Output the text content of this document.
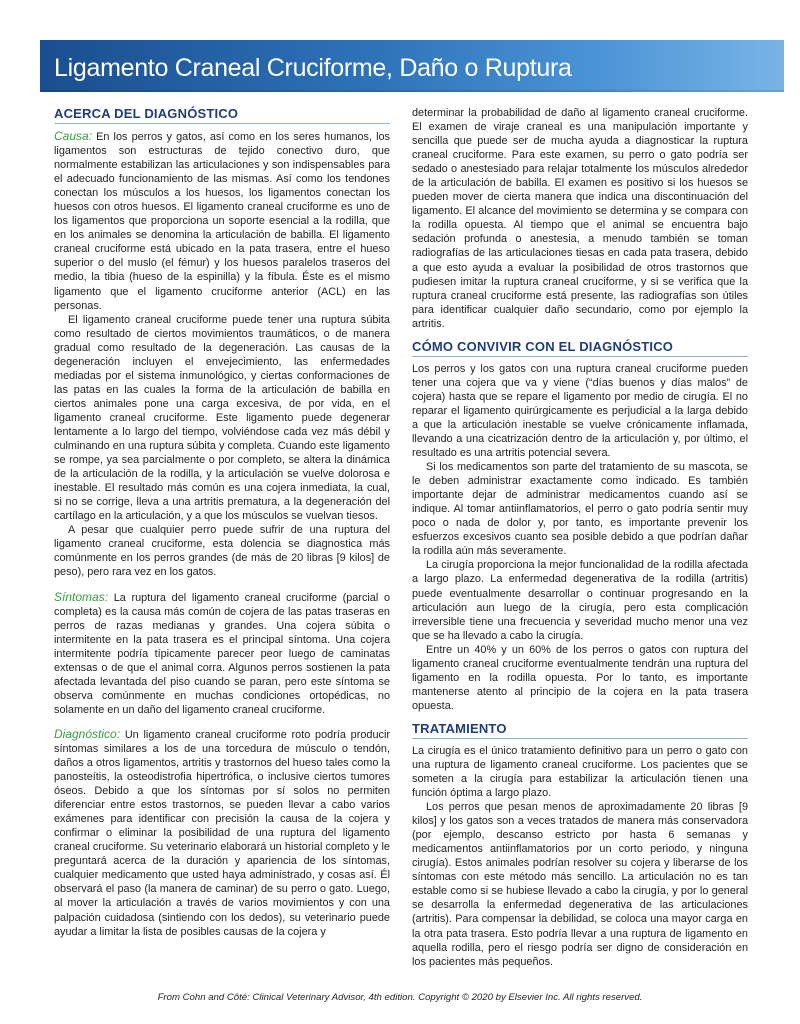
Ligamento Craneal Cruciforme, Daño o Ruptura
ACERCA DEL DIAGNÓSTICO

Causa: En los perros y gatos, así como en los seres humanos, los ligamentos son estructuras de tejido conectivo duro, que normalmente estabilizan las articulaciones y son indispensables para el adecuado funcionamiento de las mismas. Así como los tendones conectan los músculos a los huesos, los ligamentos conectan los huesos con otros huesos. El ligamento craneal cruciforme es uno de los ligamentos que proporciona un soporte esencial a la rodilla, que en los animales se denomina la articulación de babilla. El ligamento craneal cruciforme está ubicado en la pata trasera, entre el hueso superior o del muslo (el fémur) y los huesos paralelos traseros del medio, la tibia (hueso de la espinilla) y la fíbula. Éste es el mismo ligamento que el ligamento cruciforme anterior (ACL) en las personas.

El ligamento craneal cruciforme puede tener una ruptura súbita como resultado de ciertos movimientos traumáticos, o de manera gradual como resultado de la degeneración. Las causas de la degeneración incluyen el envejecimiento, las enfermedades mediadas por el sistema inmunológico, y ciertas conformaciones de las patas en las cuales la forma de la articulación de babilla en ciertos animales pone una carga excesiva, de por vida, en el ligamento craneal cruciforme. Este ligamento puede degenerar lentamente a lo largo del tiempo, volviéndose cada vez más débil y culminando en una ruptura súbita y completa. Cuando este ligamento se rompe, ya sea parcialmente o por completo, se altera la dinámica de la articulación de la rodilla, y la articulación se vuelve dolorosa e inestable. El resultado más común es una cojera inmediata, la cual, si no se corrige, lleva a una artritis prematura, a la degeneración del cartílago en la articulación, y a que los músculos se vuelvan tiesos.

A pesar que cualquier perro puede sufrir de una ruptura del ligamento craneal cruciforme, esta dolencia se diagnostica más comúnmente en los perros grandes (de más de 20 libras [9 kilos] de peso), pero rara vez en los gatos.

Síntomas: La ruptura del ligamento craneal cruciforme (parcial o completa) es la causa más común de cojera de las patas traseras en perros de razas medianas y grandes. Una cojera súbita o intermitente en la pata trasera es el principal síntoma. Una cojera intermitente podría típicamente parecer peor luego de caminatas extensas o de que el animal corra. Algunos perros sostienen la pata afectada levantada del piso cuando se paran, pero este síntoma se observa comúnmente en muchas condiciones ortopédicas, no solamente en un daño del ligamento craneal cruciforme.

Diagnóstico: Un ligamento craneal cruciforme roto podría producir síntomas similares a los de una torcedura de músculo o tendón, daños a otros ligamentos, artritis y trastornos del hueso tales como la panosteítis, la osteodistrofia hipertrófica, o inclusive ciertos tumores óseos. Debido a que los síntomas por sí solos no permiten diferenciar entre estos trastornos, se pueden llevar a cabo varios exámenes para identificar con precisión la causa de la cojera y confirmar o eliminar la posibilidad de una ruptura del ligamento craneal cruciforme. Su veterinario elaborará un historial completo y le preguntará acerca de la duración y apariencia de los síntomas, cualquier medicamento que usted haya administrado, y cosas así. Él observará el paso (la manera de caminar) de su perro o gato. Luego, al mover la articulación a través de varios movimientos y con una palpación cuidadosa (sintiendo con los dedos), su veterinario puede ayudar a limitar la lista de posibles causas de la cojera y

determinar la probabilidad de daño al ligamento craneal cruciforme. El examen de viraje craneal es una manipulación importante y sencilla que puede ser de mucha ayuda a diagnosticar la ruptura craneal cruciforme. Para este examen, su perro o gato podría ser sedado o anestesiado para relajar totalmente los músculos alrededor de la articulación de babilla. El examen es positivo si los huesos se pueden mover de cierta manera que indica una discontinuación del ligamento. El alcance del movimiento se determina y se compara con la rodilla opuesta. Al tiempo que el animal se encuentra bajo sedación profunda o anestesia, a menudo también se toman radiografías de las articulaciones tiesas en cada pata trasera, debido a que esto ayuda a evaluar la posibilidad de otros trastornos que pudiesen imitar la ruptura craneal cruciforme, y si se verifica que la ruptura craneal cruciforme está presente, las radiografías son útiles para identificar cualquier daño secundario, como por ejemplo la artritis.

CÓMO CONVIVIR CON EL DIAGNÓSTICO

Los perros y los gatos con una ruptura craneal cruciforme pueden tener una cojera que va y viene (“días buenos y días malos” de cojera) hasta que se repare el ligamento por medio de cirugía. El no reparar el ligamento quirúrgicamente es perjudicial a la larga debido a que la articulación inestable se vuelve crónicamente inflamada, llevando a una cicatrización dentro de la articulación y, por último, el resultado es una artritis potencial severa.

Si los medicamentos son parte del tratamiento de su mascota, se le deben administrar exactamente como indicado. Es también importante dejar de administrar medicamentos cuando así se indique. Al tomar antiinflamatorios, el perro o gato podría sentir muy poco o nada de dolor y, por tanto, es importante prevenir los esfuerzos excesivos cuanto sea posible debido a que podrían dañar la rodilla aún más severamente.

La cirugía proporciona la mejor funcionalidad de la rodilla afectada a largo plazo. La enfermedad degenerativa de la rodilla (artritis) puede eventualmente desarrollar o continuar progresando en la articulación aun luego de la cirugía, pero esta complicación irreversible tiene una frecuencia y severidad mucho menor una vez que se ha llevado a cabo la cirugía.

Entre un 40% y un 60% de los perros o gatos con ruptura del ligamento craneal cruciforme eventualmente tendrán una ruptura del ligamento en la rodilla opuesta. Por lo tanto, es importante mantenerse atento al principio de la cojera en la pata trasera opuesta.

TRATAMIENTO

La cirugía es el único tratamiento definitivo para un perro o gato con una ruptura de ligamento craneal cruciforme. Los pacientes que se someten a la cirugía para estabilizar la articulación tienen una función óptima a largo plazo.

Los perros que pesan menos de aproximadamente 20 libras [9 kilos] y los gatos son a veces tratados de manera más conservadora (por ejemplo, descanso estricto por hasta 6 semanas y medicamentos antiinflamatorios por un corto periodo, y ninguna cirugía). Estos animales podrían resolver su cojera y liberarse de los síntomas con este método más sencillo. La articulación no es tan estable como si se hubiese llevado a cabo la cirugía, y por lo general se desarrolla la enfermedad degenerativa de las articulaciones (artritis). Para compensar la debilidad, se coloca una mayor carga en la otra pata trasera. Esto podría llevar a una ruptura de ligamento en aquella rodilla, pero el riesgo podría ser digno de consideración en los pacientes más pequeños.

From Cohn and Côté: Clinical Veterinary Advisor, 4th edition. Copyright © 2020 by Elsevier Inc. All rights reserved.
